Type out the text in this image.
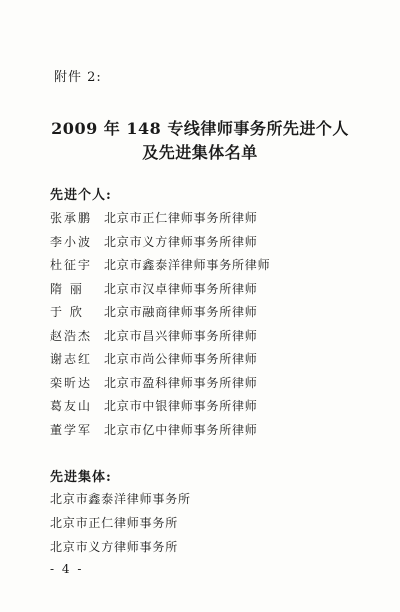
附件 2:
2009 年 148 专线律师事务所先进个人
及先进集体名单
先进个人:
张承鹏 北京市正仁律师事务所律师
李小波 北京市义方律师事务所律师
杜征宇 北京市鑫泰洋律师事务所律师
隋 丽	北京市汉卓律师事务所律师
于 欣	北京市融商律师事务所律师
赵浩杰 北京市昌兴律师事务所律师
谢志红 北京市尚公律师事务所律师
栾昕达 北京市盈科律师事务所律师
葛友山 北京市中银律师事务所律师
董学军 北京市亿中律师事务所律师
先进集体:
北京市鑫泰洋律师事务所
北京市正仁律师事务所
北京市义方律师事务所
- 4 -
